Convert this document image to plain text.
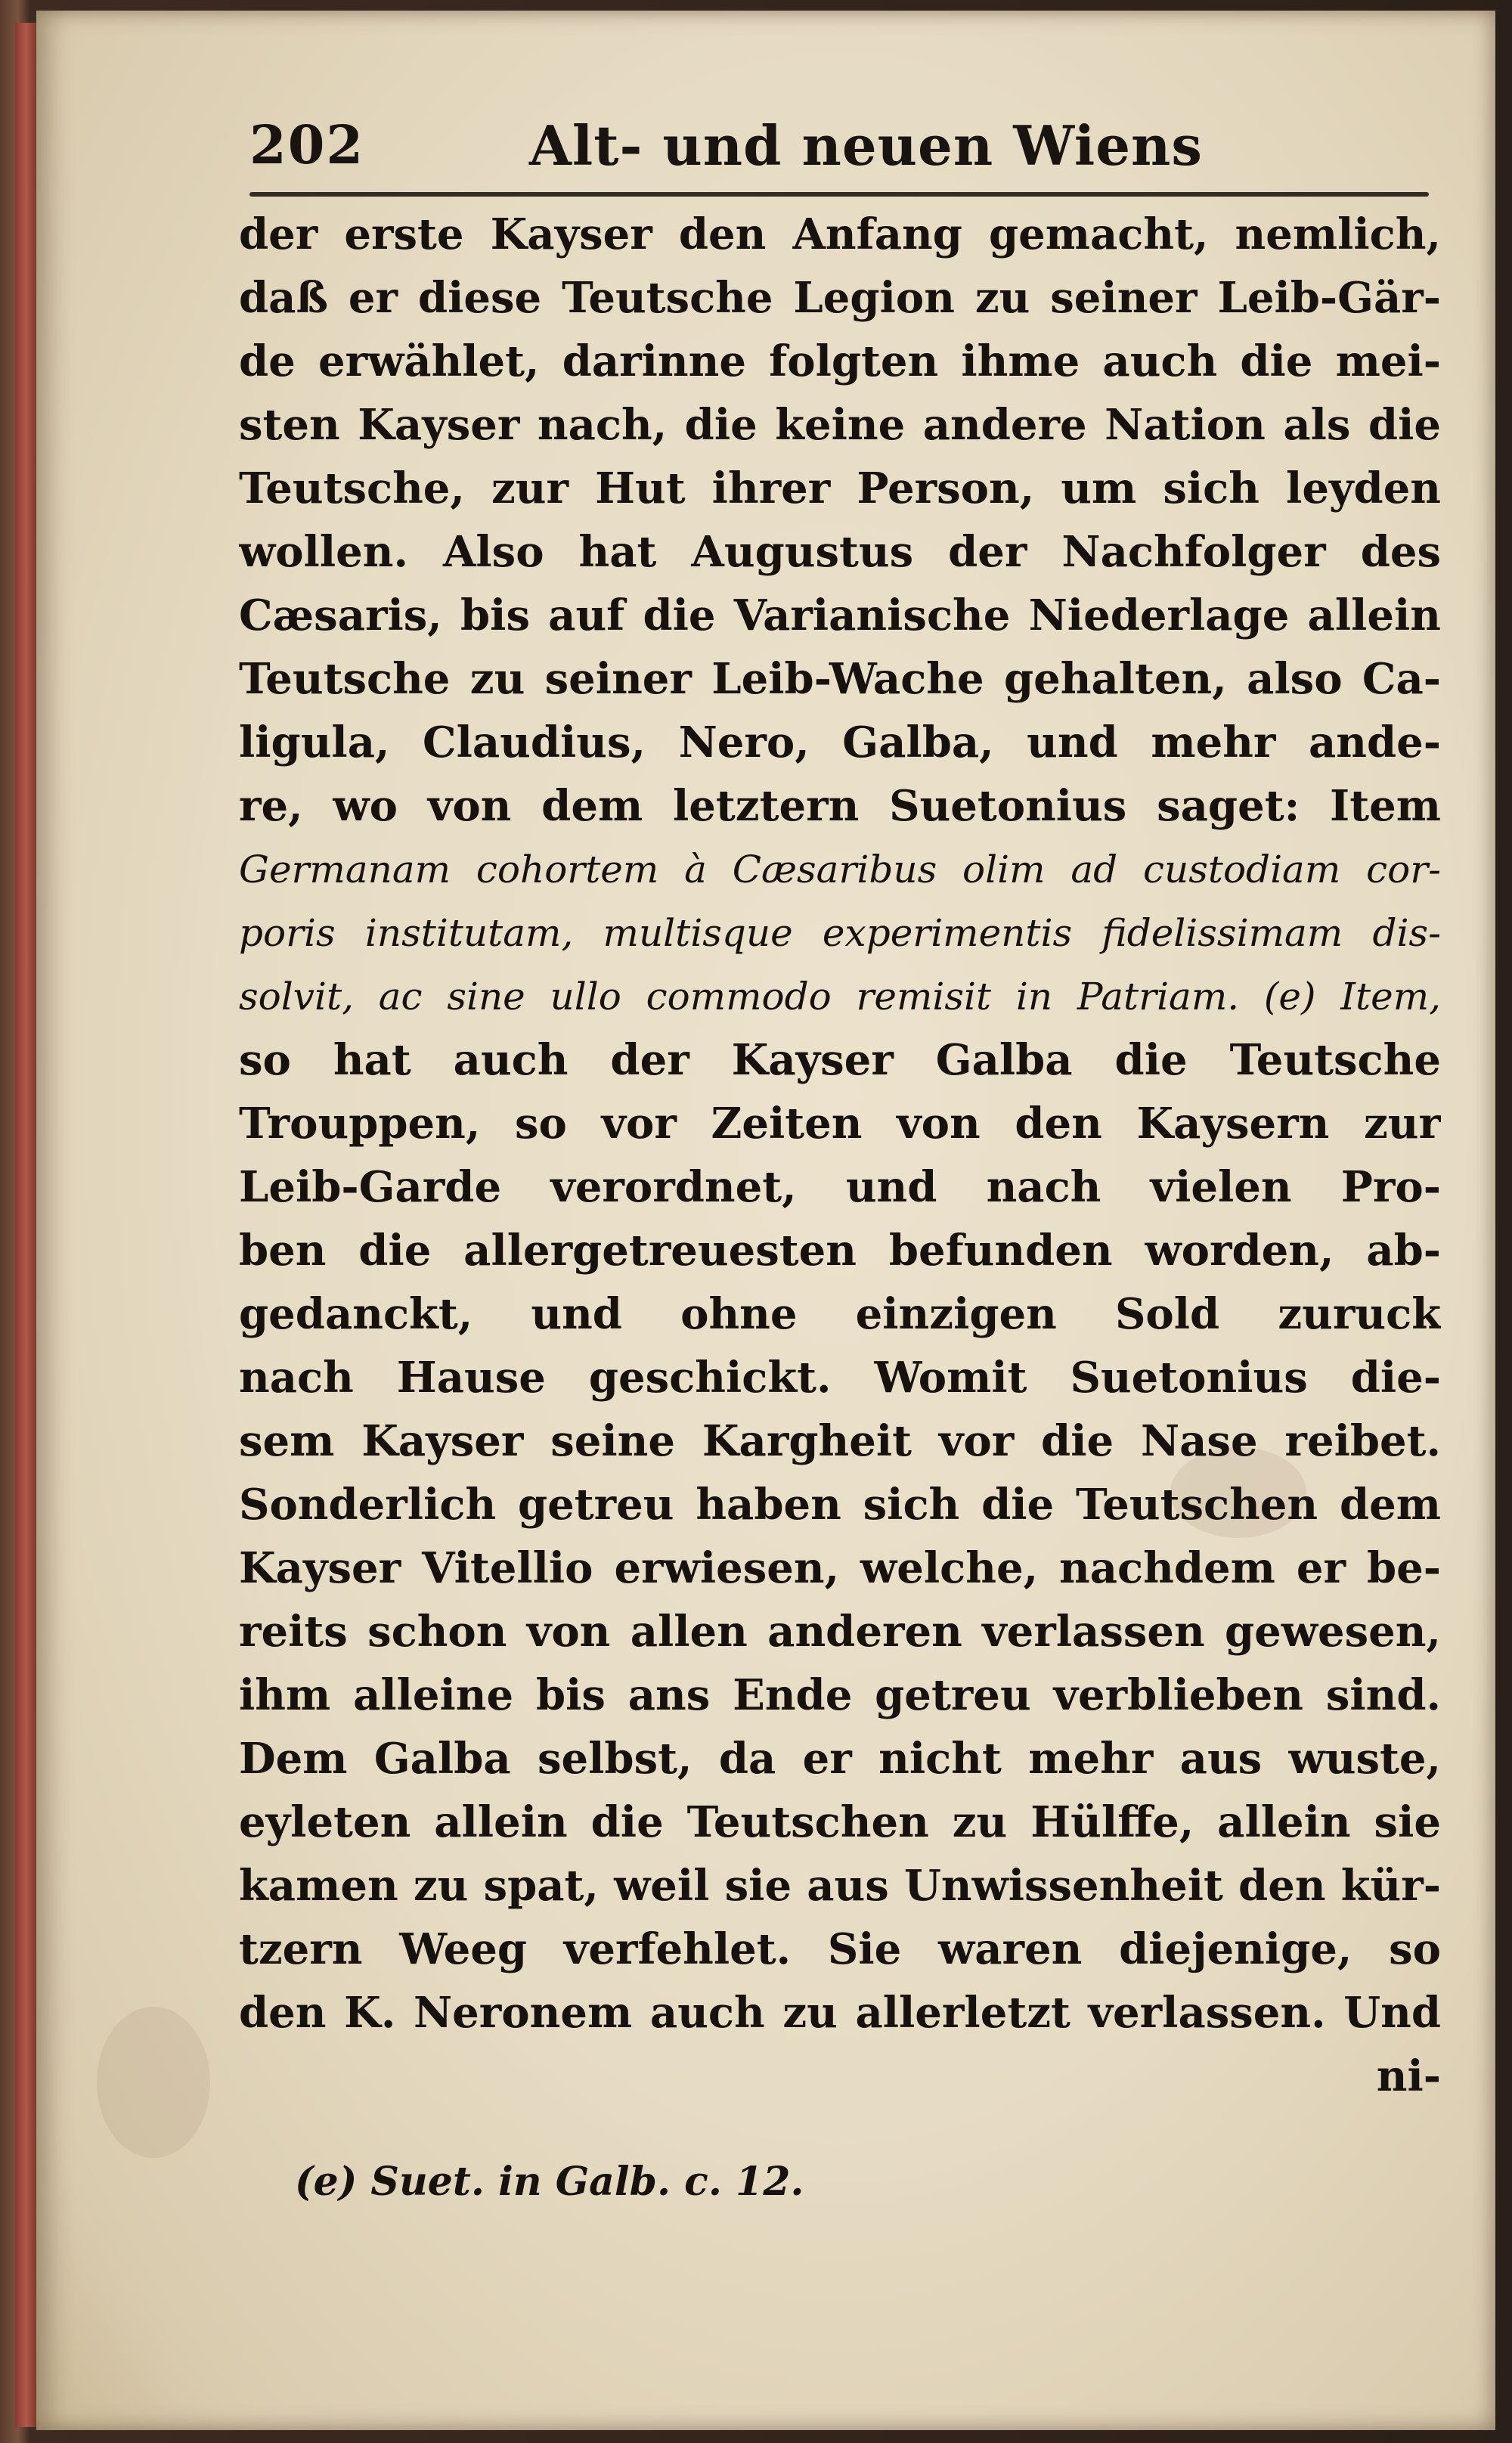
202	Alt- und neuen Wiens
der erste Kayser den Anfang gemacht, nemlich,
daß er diese Teutsche Legion zu seiner Leib-Gär-
de erwählet, darinne folgten ihme auch die mei-
sten Kayser nach, die keine andere Nation als die
Teutsche, zur Hut ihrer Person, um sich leyden
wollen. Also hat Augustus der Nachfolger des
Cæsaris, bis auf die Varianische Niederlage allein
Teutsche zu seiner Leib-Wache gehalten, also Ca-
ligula, Claudius, Nero, Galba, und mehr ande-
re, wo von dem letztern Suetonius saget: Item
Germanam cohortem à Cæsaribus olim ad custodiam cor-
poris institutam, multisque experimentis fidelissimam dis-
solvit, ac sine ullo commodo remisit in Patriam. (e) Item,
so hat auch der Kayser Galba die Teutsche
Trouppen, so vor Zeiten von den Kaysern zur
Leib-Garde verordnet, und nach vielen Pro-
ben die allergetreuesten befunden worden, ab-
gedanckt, und ohne einzigen Sold zuruck
nach Hause geschickt. Womit Suetonius die-
sem Kayser seine Kargheit vor die Nase reibet.
Sonderlich getreu haben sich die Teutschen dem
Kayser Vitellio erwiesen, welche, nachdem er be-
reits schon von allen anderen verlassen gewesen,
ihm alleine bis ans Ende getreu verblieben sind.
Dem Galba selbst, da er nicht mehr aus wuste,
eyleten allein die Teutschen zu Hülffe, allein sie
kamen zu spat, weil sie aus Unwissenheit den kür-
tzern Weeg verfehlet. Sie waren diejenige, so
den K. Neronem auch zu allerletzt verlassen. Und
ni-
(e) Suet. in Galb. c. 12.
